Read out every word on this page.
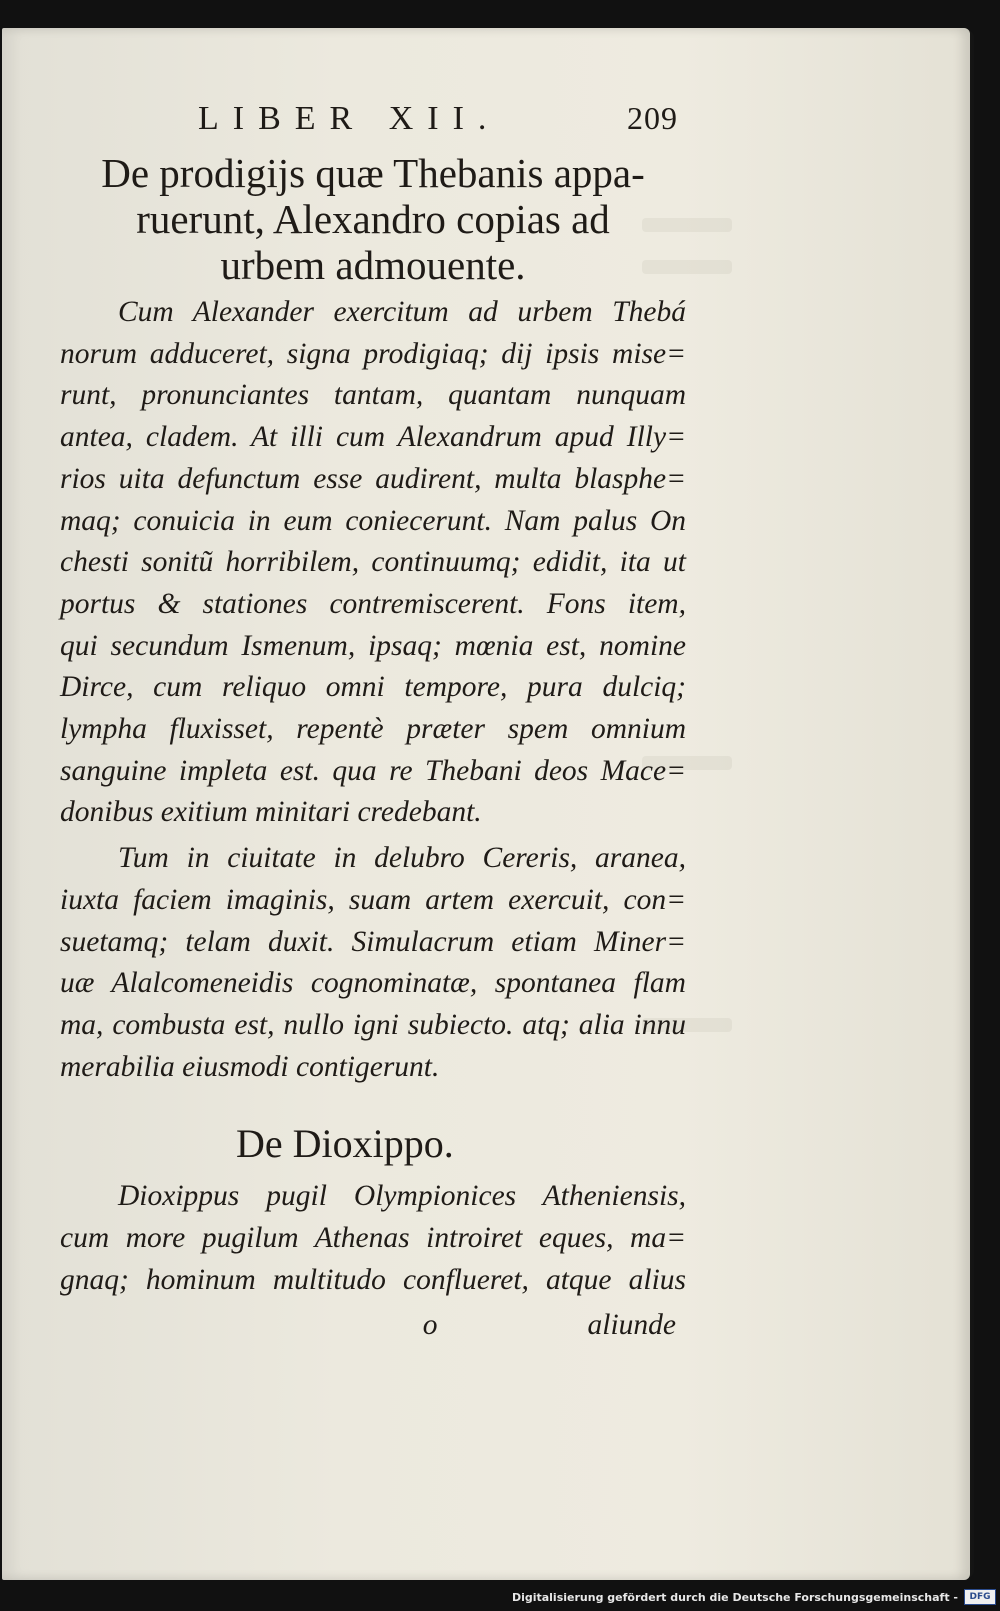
LIBER XII.	209
De prodigijs quæ Thebanis appa-
ruerunt, Alexandro copias ad
urbem admouente.
Cum Alexander exercitum ad urbem Thebá
norum adduceret, signa prodigiaq; dij ipsis mise=
runt, pronunciantes tantam, quantam nunquam
antea, cladem. At illi cum Alexandrum apud Illy=
rios uita defunctum esse audirent, multa blasphe=
maq; conuicia in eum coniecerunt. Nam palus On
chesti sonitũ horribilem, continuumq; edidit, ita ut
portus & stationes contremiscerent. Fons item,
qui secundum Ismenum, ipsaq; mœnia est, nomine
Dirce, cum reliquo omni tempore, pura dulciq;
lympha fluxisset, repentè præter spem omnium
sanguine impleta est. qua re Thebani deos Mace=
donibus exitium minitari credebant.
Tum in ciuitate in delubro Cereris, aranea,
iuxta faciem imaginis, suam artem exercuit, con=
suetamq; telam duxit. Simulacrum etiam Miner=
uæ Alalcomeneidis cognominatæ, spontanea flam
ma, combusta est, nullo igni subiecto. atq; alia innu
merabilia eiusmodi contigerunt.
De Dioxippo.
Dioxippus pugil Olympionices Atheniensis,
cum more pugilum Athenas introiret eques, ma=
gnaq; hominum multitudo conflueret, atque alius
o	aliunde
Digitalisierung gefördert durch die Deutsche Forschungsgemeinschaft -	DFG
